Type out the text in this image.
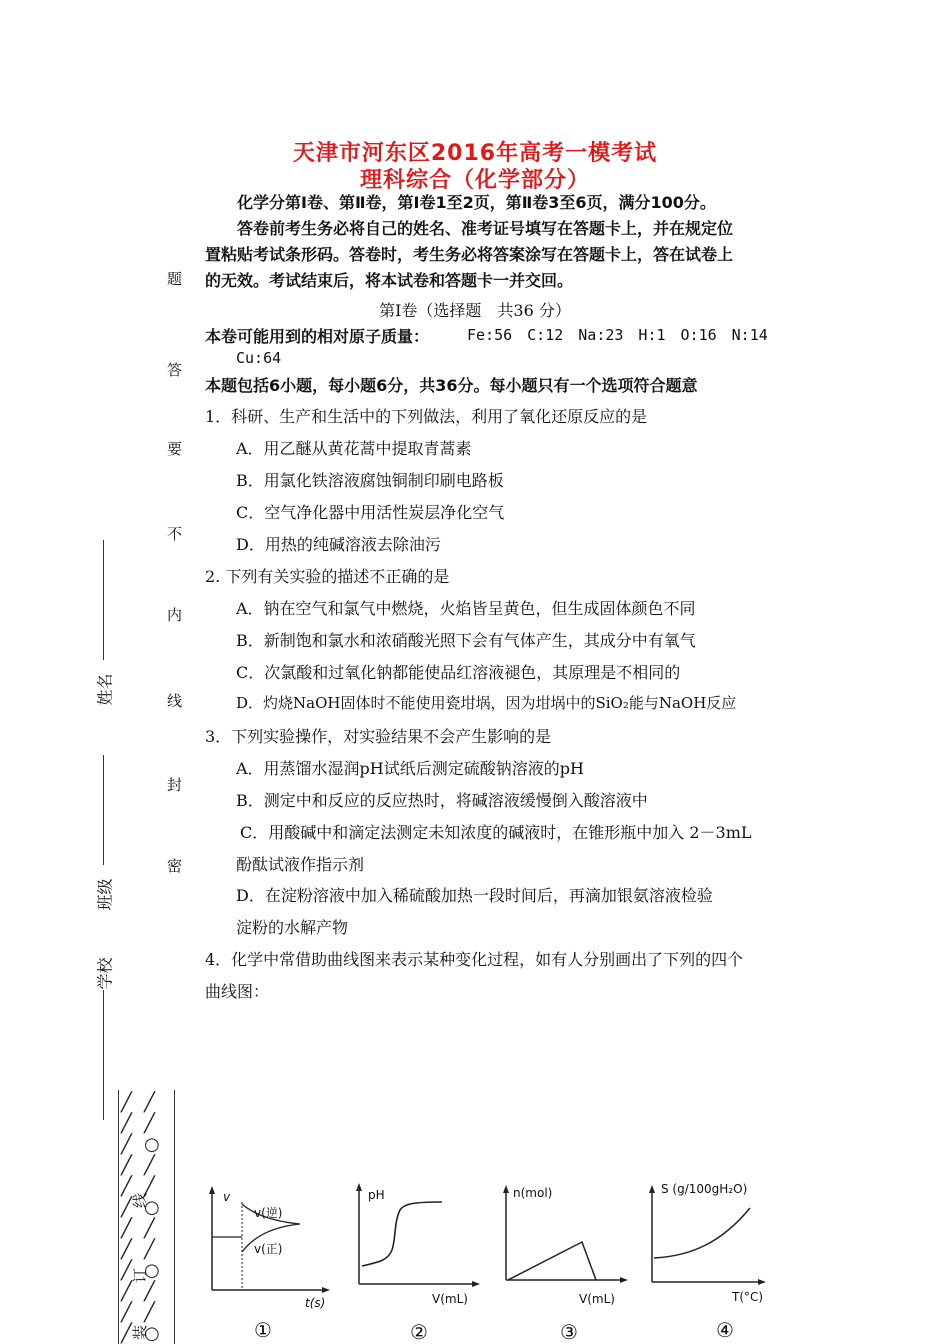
天津市河东区2016年高考一模考试
理科综合（化学部分）
化学分第Ⅰ卷、第Ⅱ卷，第Ⅰ卷1至2页，第Ⅱ卷3至6页，满分100分。
答卷前考生务必将自己的姓名、准考证号填写在答题卡上，并在规定位
置粘贴考试条形码。答卷时，考生务必将答案涂写在答题卡上，答在试卷上
的无效。考试结束后，将本试卷和答题卡一并交回。
第Ⅰ卷（选择题　共36 分）
本卷可能用到的相对原子质量：	Fe:56　C:12　Na:23　H:1　O:16　N:14
Cu:64
本题包括6小题，每小题6分，共36分。每小题只有一个选项符合题意
1．科研、生产和生活中的下列做法，利用了氧化还原反应的是
A．用乙醚从黄花蒿中提取青蒿素
B．用氯化铁溶液腐蚀铜制印刷电路板
C．空气净化器中用活性炭层净化空气
D．用热的纯碱溶液去除油污
2. 下列有关实验的描述不正确的是
A．钠在空气和氯气中燃烧，火焰皆呈黄色，但生成固体颜色不同
B．新制饱和氯水和浓硝酸光照下会有气体产生，其成分中有氧气
C．次氯酸和过氧化钠都能使品红溶液褪色，其原理是不相同的
D．灼烧NaOH固体时不能使用瓷坩埚，因为坩埚中的SiO₂能与NaOH反应
3．下列实验操作，对实验结果不会产生影响的是
A．用蒸馏水湿润pH试纸后测定硫酸钠溶液的pH
B．测定中和反应的反应热时，将碱溶液缓慢倒入酸溶液中
C．用酸碱中和滴定法测定未知浓度的碱液时，在锥形瓶中加入 2－3mL
酚酞试液作指示剂
D．在淀粉溶液中加入稀硫酸加热一段时间后，再滴加银氨溶液检验
淀粉的水解产物
4．化学中常借助曲线图来表示某种变化过程，如有人分别画出了下列的四个
曲线图：
题
答
要
不
内
线
封
密
姓名
班级
学校
╱
╱
╱
╱
╱
╱
╱
╱
╱
╱
╱
╱
╱
╱
○
╱
╱
○
╱
╱
○
╱
╱
○
线
订
装
v
v(逆)
v(正)
t(s)
①
pH
V(mL)
②
n(mol)
V(mL)
③
S (g/100gH₂O)
T(°C)
④
